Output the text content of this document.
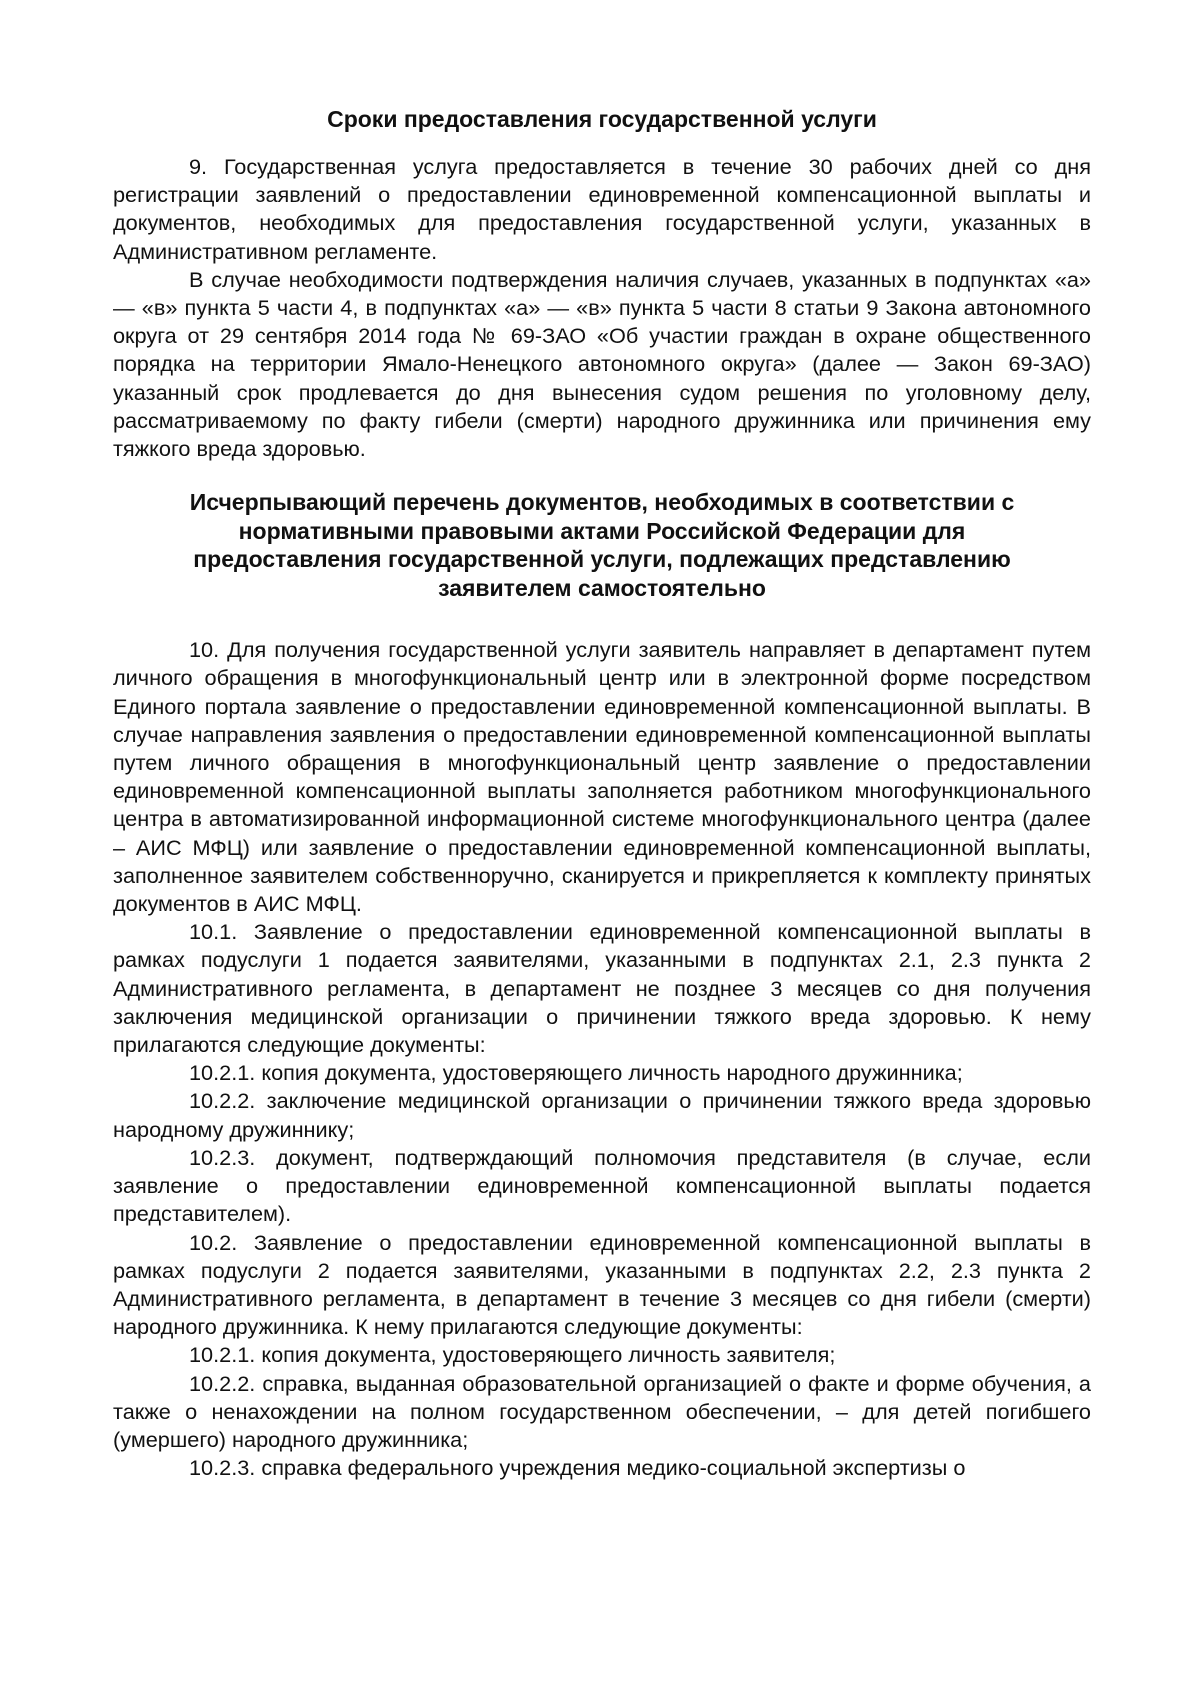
Сроки предоставления государственной услуги

9. Государственная услуга предоставляется в течение 30 рабочих дней со дня регистрации заявлений о предоставлении единовременной компенсационной выплаты и документов, необходимых для предоставления государственной услуги, указанных в Административном регламенте.

В случае необходимости подтверждения наличия случаев, указанных в подпунктах «а» — «в» пункта 5 части 4, в подпунктах «а» — «в» пункта 5 части 8 статьи 9 Закона автономного округа от 29 сентября 2014 года № 69-ЗАО «Об участии граждан в охране общественного порядка на территории Ямало-Ненецкого автономного округа» (далее — Закон 69-ЗАО) указанный срок продлевается до дня вынесения судом решения по уголовному делу, рассматриваемому по факту гибели (смерти) народного дружинника или причинения ему тяжкого вреда здоровью.

Исчерпывающий перечень документов, необходимых в соответствии с нормативными правовыми актами Российской Федерации для предоставления государственной услуги, подлежащих представлению заявителем самостоятельно

10. Для получения государственной услуги заявитель направляет в департамент путем личного обращения в многофункциональный центр или в электронной форме посредством Единого портала заявление о предоставлении единовременной компенсационной выплаты. В случае направления заявления о предоставлении единовременной компенсационной выплаты путем личного обращения в многофункциональный центр заявление о предоставлении единовременной компенсационной выплаты заполняется работником многофункционального центра в автоматизированной информационной системе многофункционального центра (далее – АИС МФЦ) или заявление о предоставлении единовременной компенсационной выплаты, заполненное заявителем собственноручно, сканируется и прикрепляется к комплекту принятых документов в АИС МФЦ.

10.1. Заявление о предоставлении единовременной компенсационной выплаты в рамках подуслуги 1 подается заявителями, указанными в подпунктах 2.1, 2.3 пункта 2 Административного регламента, в департамент не позднее 3 месяцев со дня получения заключения медицинской организации о причинении тяжкого вреда здоровью. К нему прилагаются следующие документы:

10.2.1. копия документа, удостоверяющего личность народного дружинника;

10.2.2. заключение медицинской организации о причинении тяжкого вреда здоровью народному дружиннику;

10.2.3. документ, подтверждающий полномочия представителя (в случае, если заявление о предоставлении единовременной компенсационной выплаты подается представителем).

10.2. Заявление о предоставлении единовременной компенсационной выплаты в рамках подуслуги 2 подается заявителями, указанными в подпунктах 2.2, 2.3 пункта 2 Административного регламента, в департамент в течение 3 месяцев со дня гибели (смерти) народного дружинника. К нему прилагаются следующие документы:

10.2.1. копия документа, удостоверяющего личность заявителя;

10.2.2. справка, выданная образовательной организацией о факте и форме обучения, а также о ненахождении на полном государственном обеспечении, – для детей погибшего (умершего) народного дружинника;

10.2.3. справка федерального учреждения медико-социальной экспертизы о
